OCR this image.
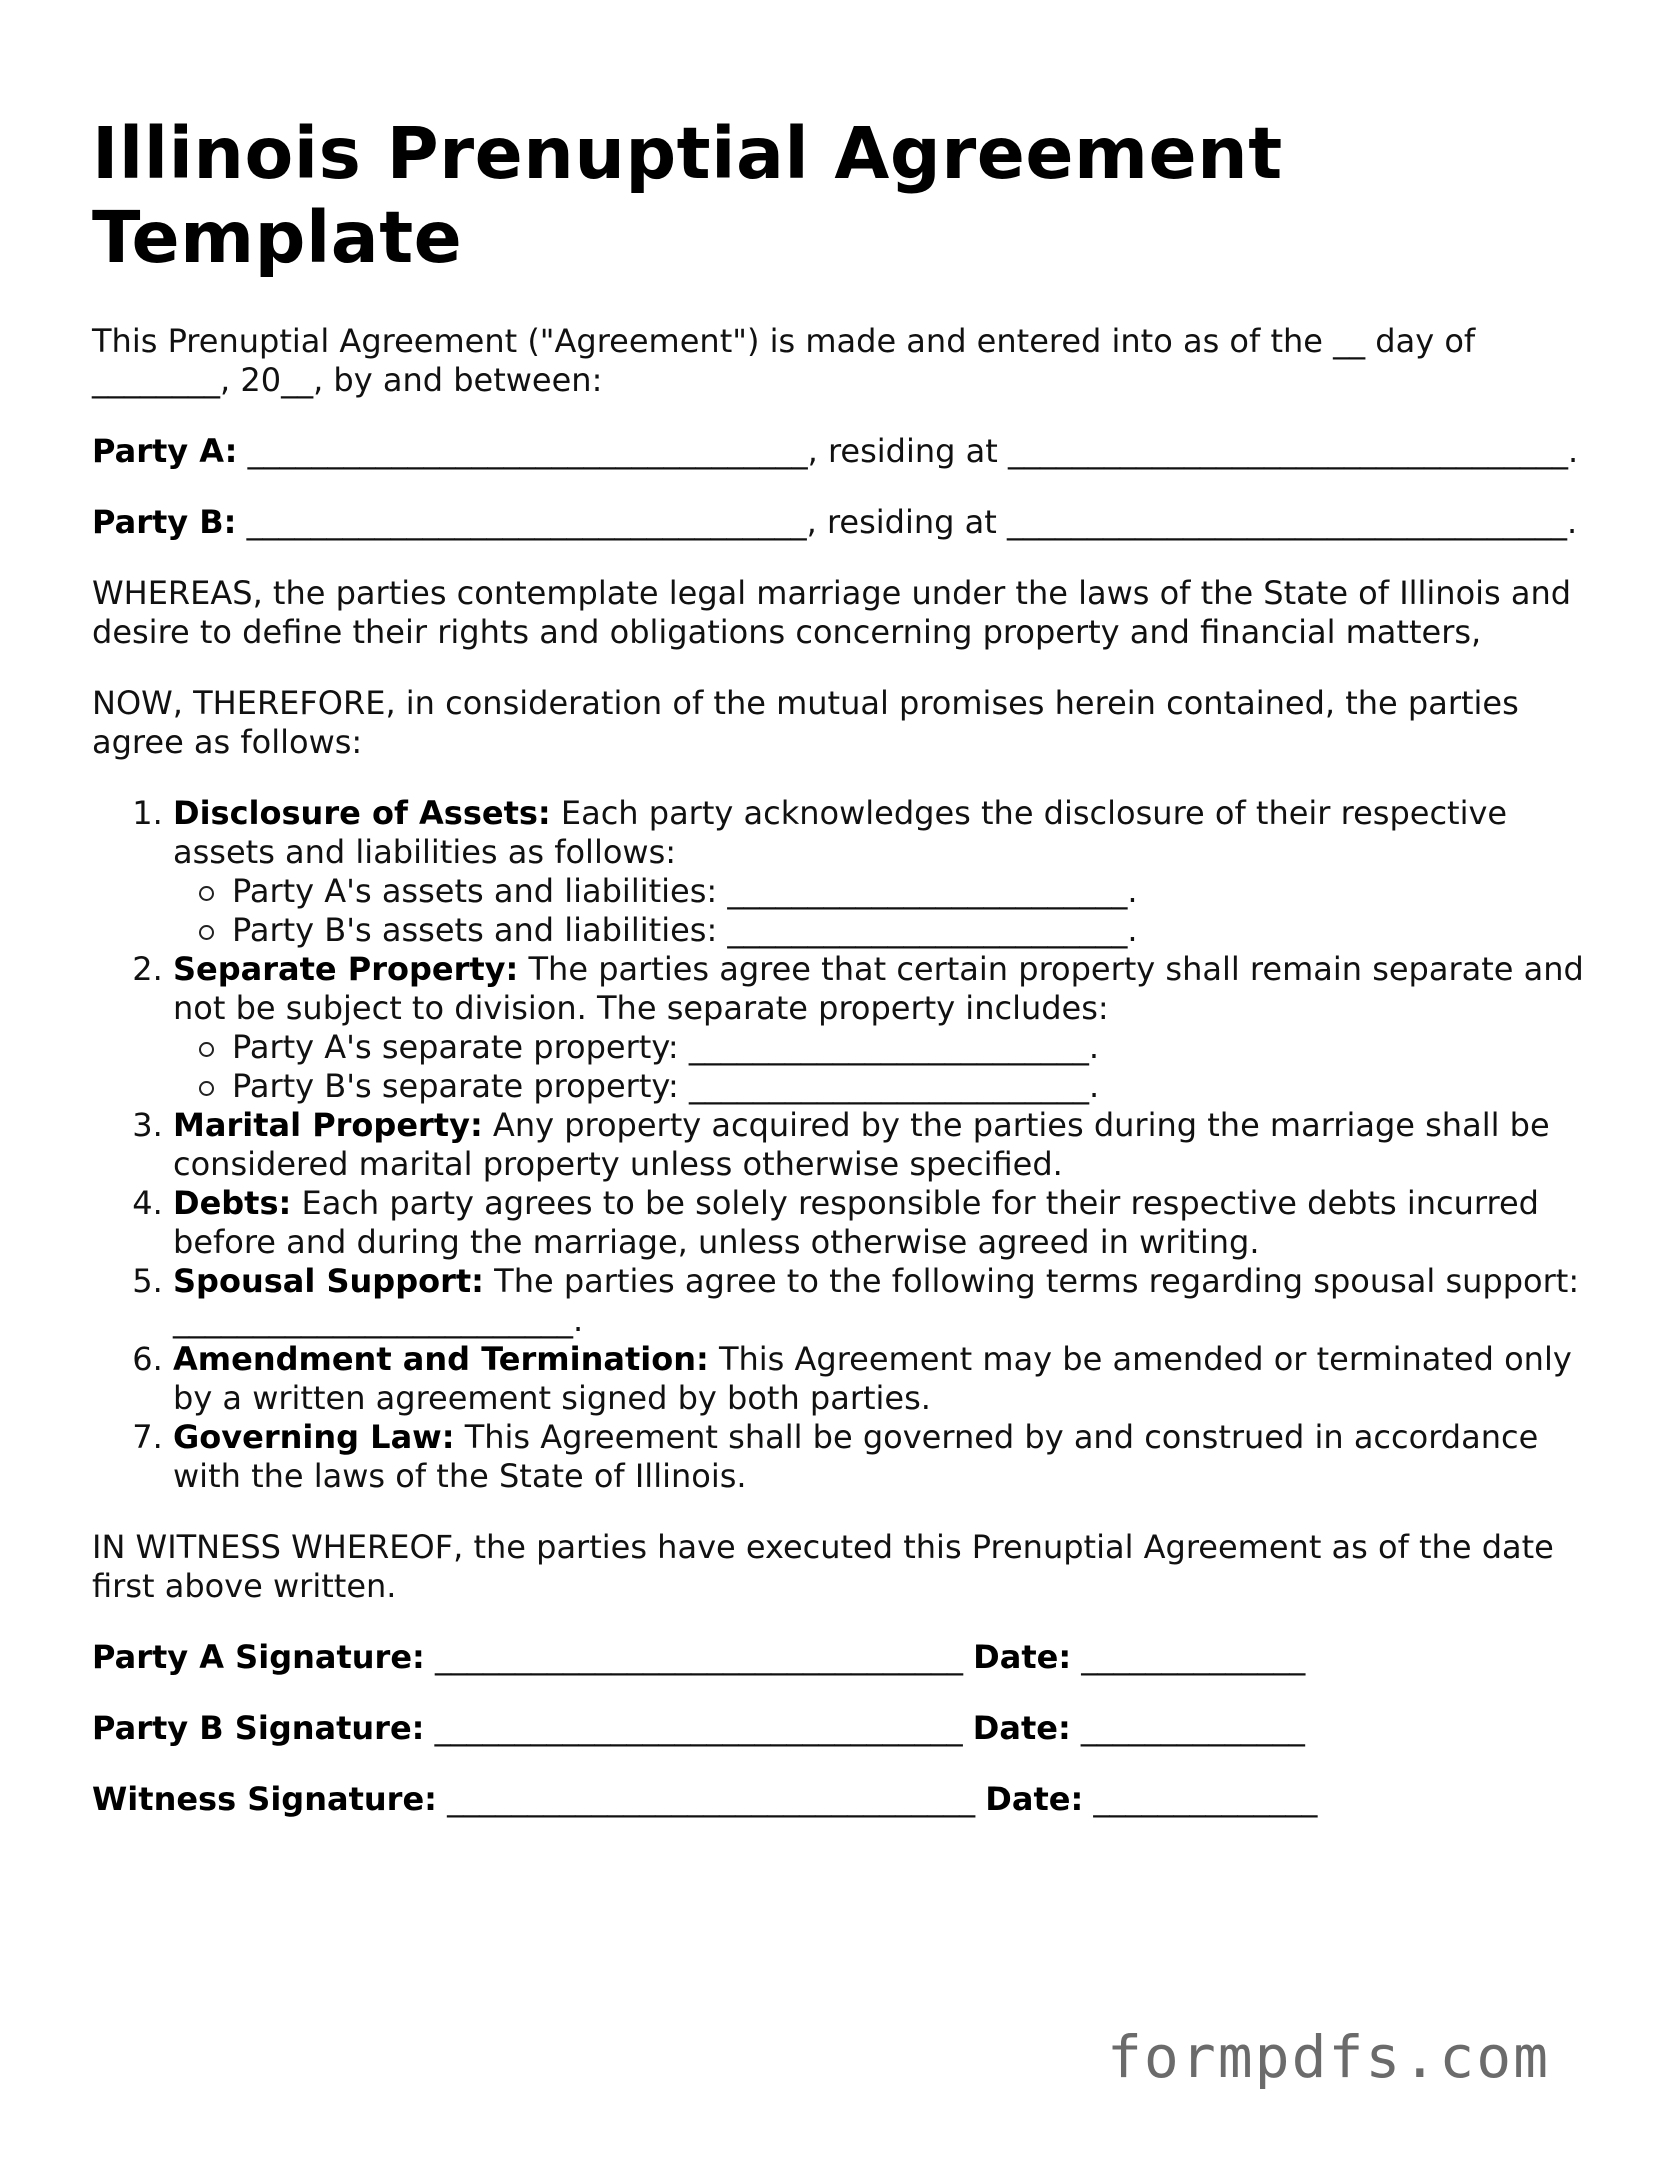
Illinois Prenuptial Agreement Template

This Prenuptial Agreement ("Agreement") is made and entered into as of the __ day of ________, 20__, by and between:

Party A: ___________________________________, residing at ___________________________________.

Party B: ___________________________________, residing at ___________________________________.

WHEREAS, the parties contemplate legal marriage under the laws of the State of Illinois and desire to define their rights and obligations concerning property and financial matters,

NOW, THEREFORE, in consideration of the mutual promises herein contained, the parties agree as follows:

1. Disclosure of Assets: Each party acknowledges the disclosure of their respective assets and liabilities as follows:
Party A's assets and liabilities: _________________________.
Party B's assets and liabilities: _________________________.
2. Separate Property: The parties agree that certain property shall remain separate and not be subject to division. The separate property includes:
Party A's separate property: _________________________.
Party B's separate property: _________________________.
3. Marital Property: Any property acquired by the parties during the marriage shall be considered marital property unless otherwise specified.
4. Debts: Each party agrees to be solely responsible for their respective debts incurred before and during the marriage, unless otherwise agreed in writing.
5. Spousal Support: The parties agree to the following terms regarding spousal support: _________________________.
6. Amendment and Termination: This Agreement may be amended or terminated only by a written agreement signed by both parties.
7. Governing Law: This Agreement shall be governed by and construed in accordance with the laws of the State of Illinois.

IN WITNESS WHEREOF, the parties have executed this Prenuptial Agreement as of the date first above written.

Party A Signature: _________________________________ Date: ______________
Party B Signature: _________________________________ Date: ______________
Witness Signature: _________________________________ Date: ______________
formpdfs.com
